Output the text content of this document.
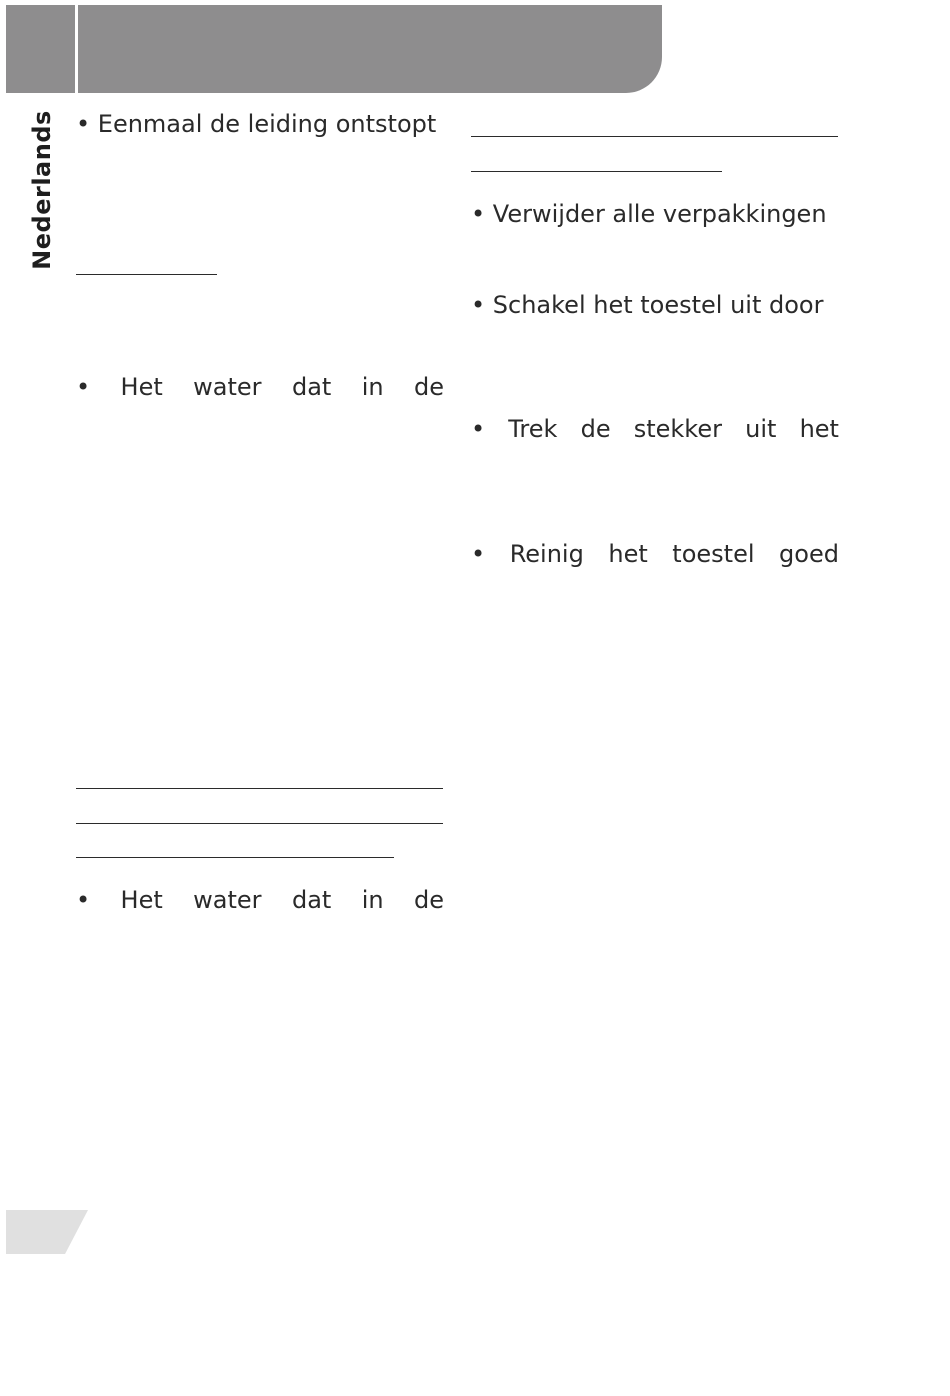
Nederlands • Eenmaal de leiding ontstopt
• Het water dat in de
• Het water dat in de
• Verwijder alle verpakkingen
• Schakel het toestel uit door
• Trek de stekker uit het
• Reinig het toestel goed
